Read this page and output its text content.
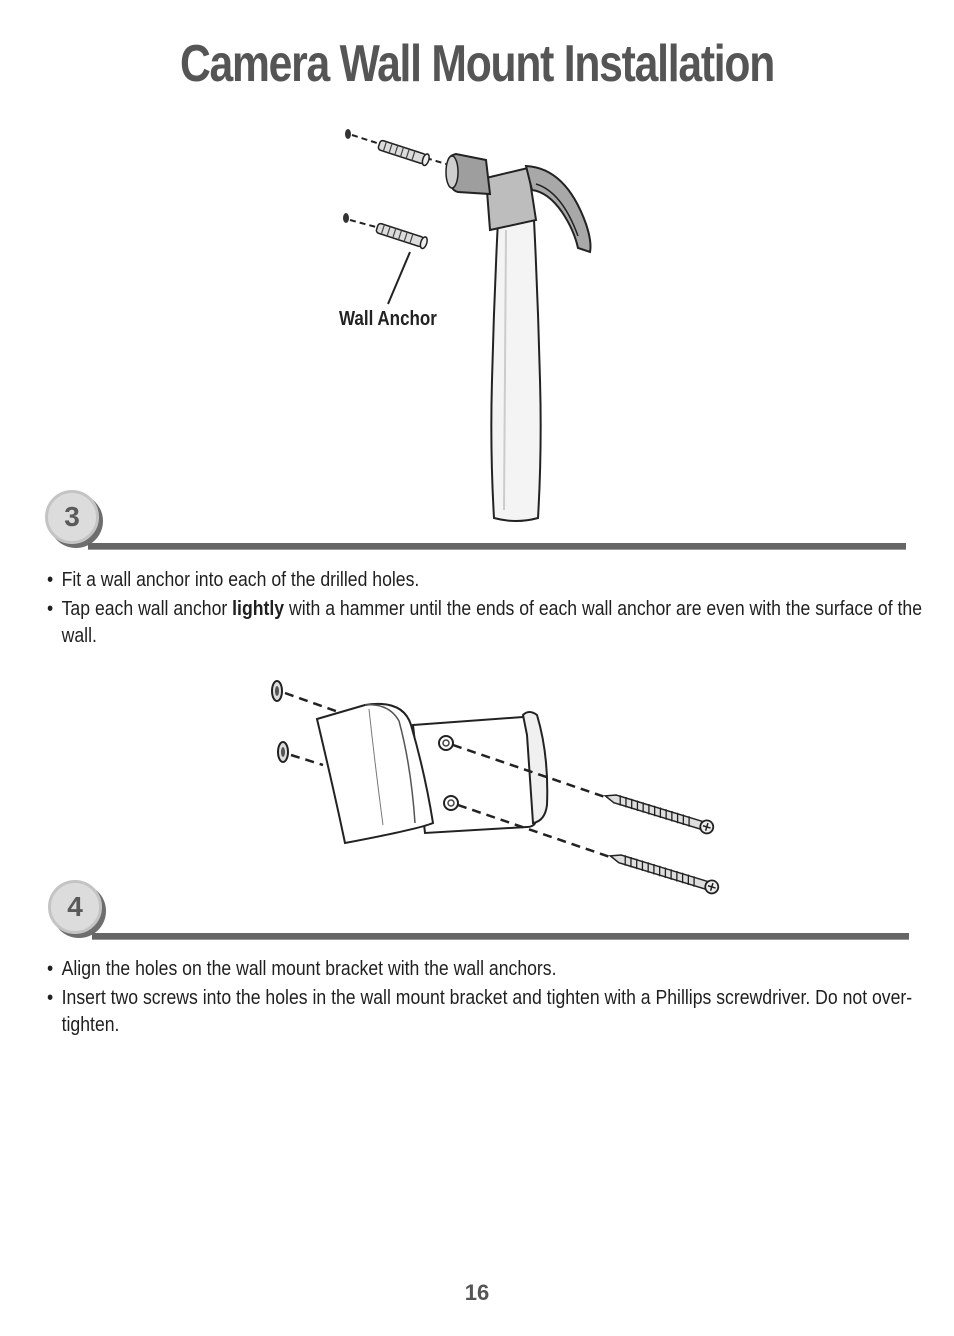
Camera Wall Mount Installation
Wall Anchor
3
• Fit a wall anchor into each of the drilled holes.
• Tap each wall anchor lightly with a hammer until the ends of each wall anchor are even with the surface of the wall.
4
• Align the holes on the wall mount bracket with the wall anchors.
• Insert two screws into the holes in the wall mount bracket and tighten with a Phillips screwdriver. Do not over-tighten.
16
